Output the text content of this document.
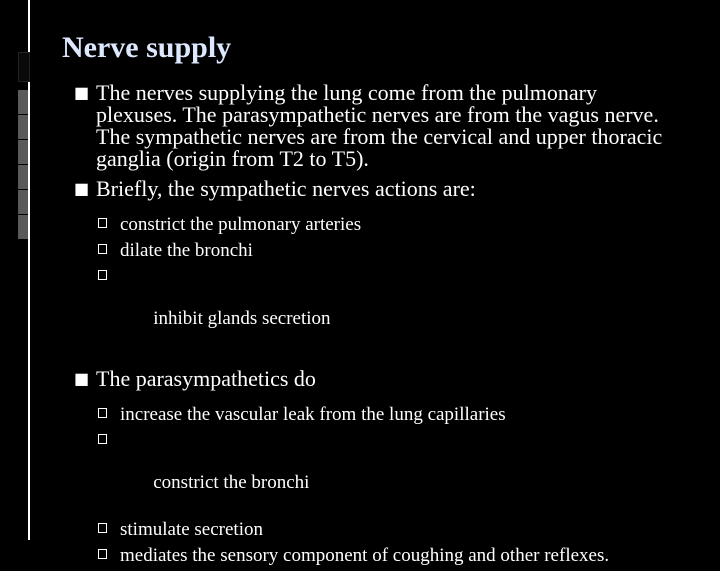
Nerve supply

■ The nerves supplying the lung come from the pulmonary plexuses. The parasympathetic nerves are from the vagus nerve. The sympathetic nerves are from the cervical and upper thoracic ganglia (origin from T2 to T5).

■ Briefly, the sympathetic nerves actions are:

constrict the pulmonary arteries

dilate the bronchi

inhibit glands secretion

■ The parasympathetics do

increase the vascular leak from the lung capillaries

constrict the bronchi

stimulate secretion

mediates the sensory component of coughing and other reflexes.
